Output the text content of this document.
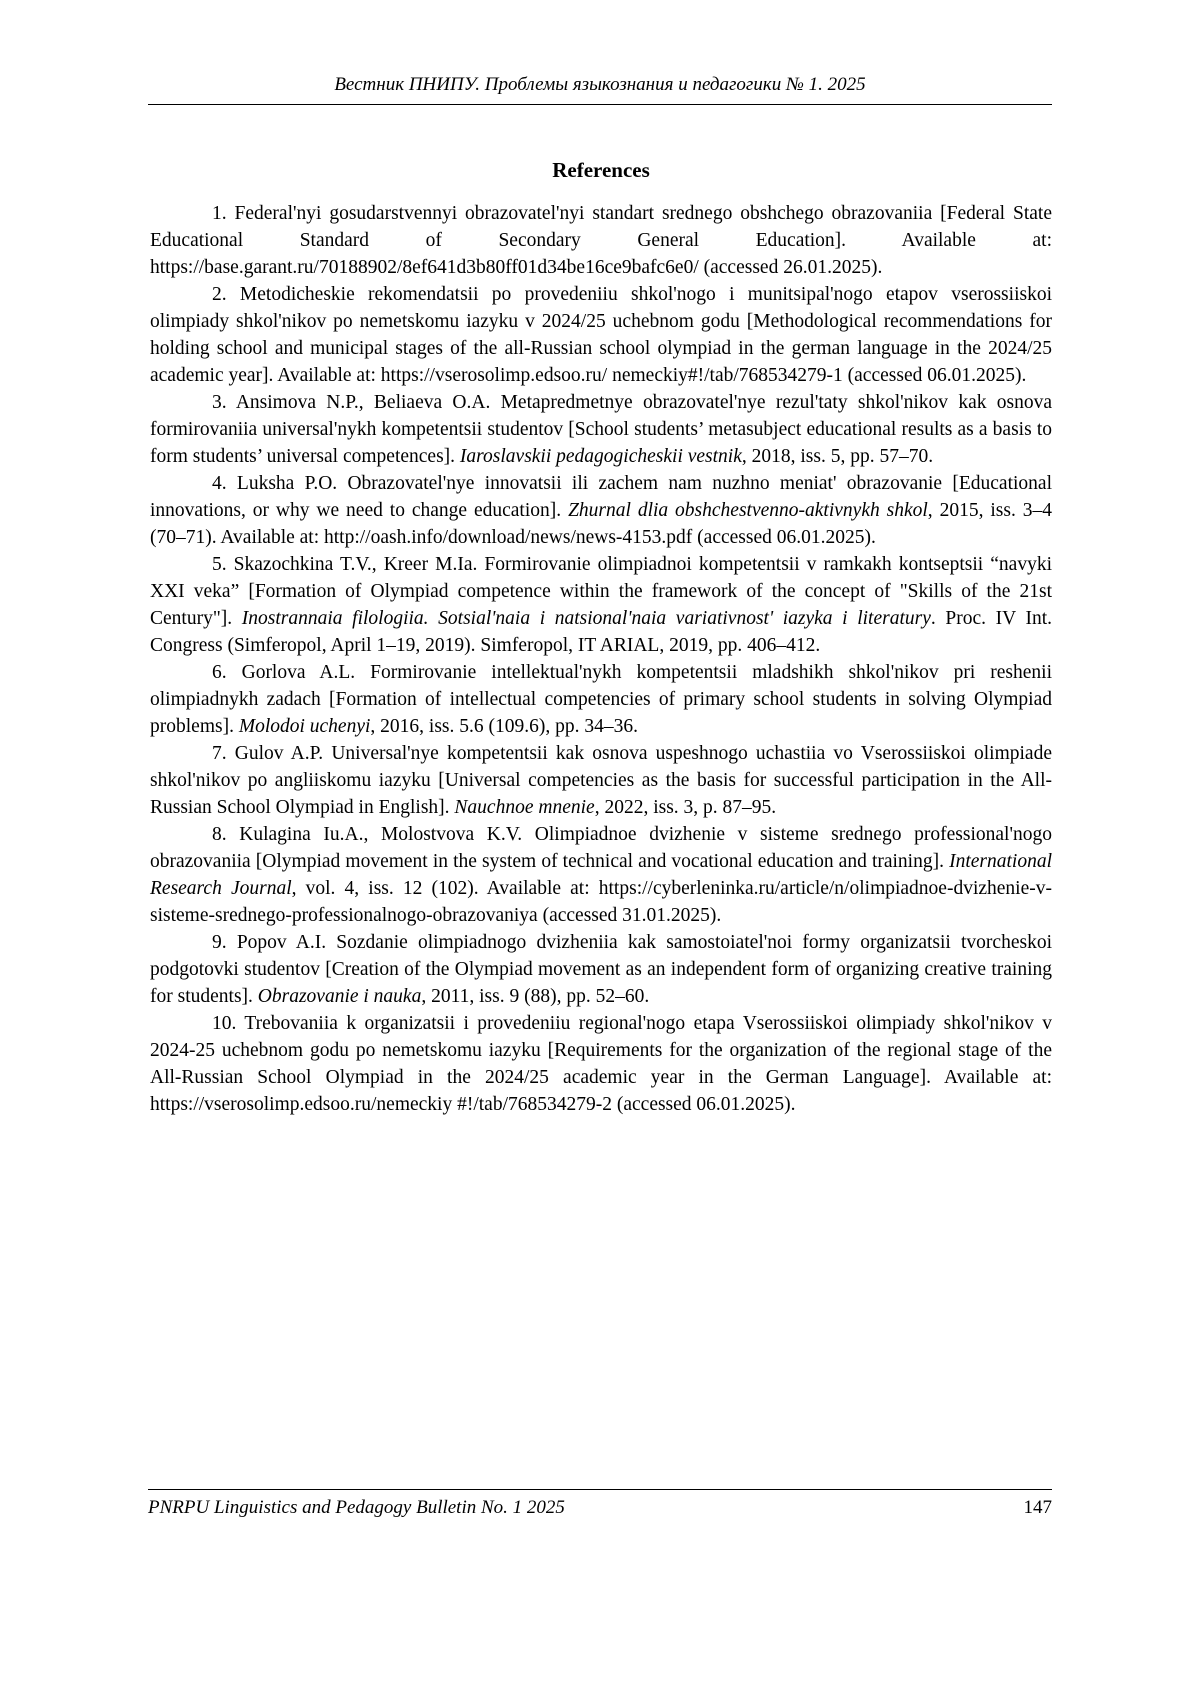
Вестник ПНИПУ. Проблемы языкознания и педагогики № 1. 2025
References

1. Federal'nyi gosudarstvennyi obrazovatel'nyi standart srednego obshchego obrazovaniia [Federal State Educational Standard of Secondary General Education]. Available at: https://base.garant.ru/70188902/8ef641d3b80ff01d34be16ce9bafc6e0/ (accessed 26.01.2025).

2. Metodicheskie rekomendatsii po provedeniiu shkol'nogo i munitsipal'nogo etapov vserossiiskoi olimpiady shkol'nikov po nemetskomu iazyku v 2024/25 uchebnom godu [Methodological recommendations for holding school and municipal stages of the all-Russian school olympiad in the german language in the 2024/25 academic year]. Available at: https://vserosolimp.edsoo.ru/ nemeckiy#!/tab/768534279-1 (accessed 06.01.2025).

3. Ansimova N.P., Beliaeva O.A. Metapredmetnye obrazovatel'nye rezul'taty shkol'nikov kak osnova formirovaniia universal'nykh kompetentsii studentov [School students’ metasubject educational results as a basis to form students’ universal competences]. Iaroslavskii pedagogicheskii vestnik, 2018, iss. 5, pp. 57–70.

4. Luksha P.O. Obrazovatel'nye innovatsii ili zachem nam nuzhno meniat' obrazovanie [Educational innovations, or why we need to change education]. Zhurnal dlia obshchestvenno-aktivnykh shkol, 2015, iss. 3–4 (70–71). Available at: http://oash.info/download/news/news-4153.pdf (accessed 06.01.2025).

5. Skazochkina T.V., Kreer M.Ia. Formirovanie olimpiadnoi kompetentsii v ramkakh kontseptsii “navyki XXI veka” [Formation of Olympiad competence within the framework of the concept of "Skills of the 21st Century"]. Inostrannaia filologiia. Sotsial'naia i natsional'naia variativnost' iazyka i literatury. Proc. IV Int. Congress (Simferopol, April 1–19, 2019). Simferopol, IT ARIAL, 2019, pp. 406–412.

6. Gorlova A.L. Formirovanie intellektual'nykh kompetentsii mladshikh shkol'nikov pri reshenii olimpiadnykh zadach [Formation of intellectual competencies of primary school students in solving Olympiad problems]. Molodoi uchenyi, 2016, iss. 5.6 (109.6), pp. 34–36.

7. Gulov A.P. Universal'nye kompetentsii kak osnova uspeshnogo uchastiia vo Vserossiiskoi olimpiade shkol'nikov po angliiskomu iazyku [Universal competencies as the basis for successful participation in the All-Russian School Olympiad in English]. Nauchnoe mnenie, 2022, iss. 3, p. 87–95.

8. Kulagina Iu.A., Molostvova K.V. Olimpiadnoe dvizhenie v sisteme srednego professional'nogo obrazovaniia [Olympiad movement in the system of technical and vocational education and training]. International Research Journal, vol. 4, iss. 12 (102). Available at: https://cyberleninka.ru/article/n/olimpiadnoe-dvizhenie-v-sisteme-srednego-professionalnogo-obrazovaniya (accessed 31.01.2025).

9. Popov A.I. Sozdanie olimpiadnogo dvizheniia kak samostoiatel'noi formy organizatsii tvorcheskoi podgotovki studentov [Creation of the Olympiad movement as an independent form of organizing creative training for students]. Obrazovanie i nauka, 2011, iss. 9 (88), pp. 52–60.

10. Trebovaniia k organizatsii i provedeniiu regional'nogo etapa Vserossiiskoi olimpiady shkol'nikov v 2024-25 uchebnom godu po nemetskomu iazyku [Requirements for the organization of the regional stage of the All-Russian School Olympiad in the 2024/25 academic year in the German Language]. Available at: https://vserosolimp.edsoo.ru/nemeckiy #!/tab/768534279-2 (accessed 06.01.2025).

PNRPU Linguistics and Pedagogy Bulletin No. 1 2025	147
